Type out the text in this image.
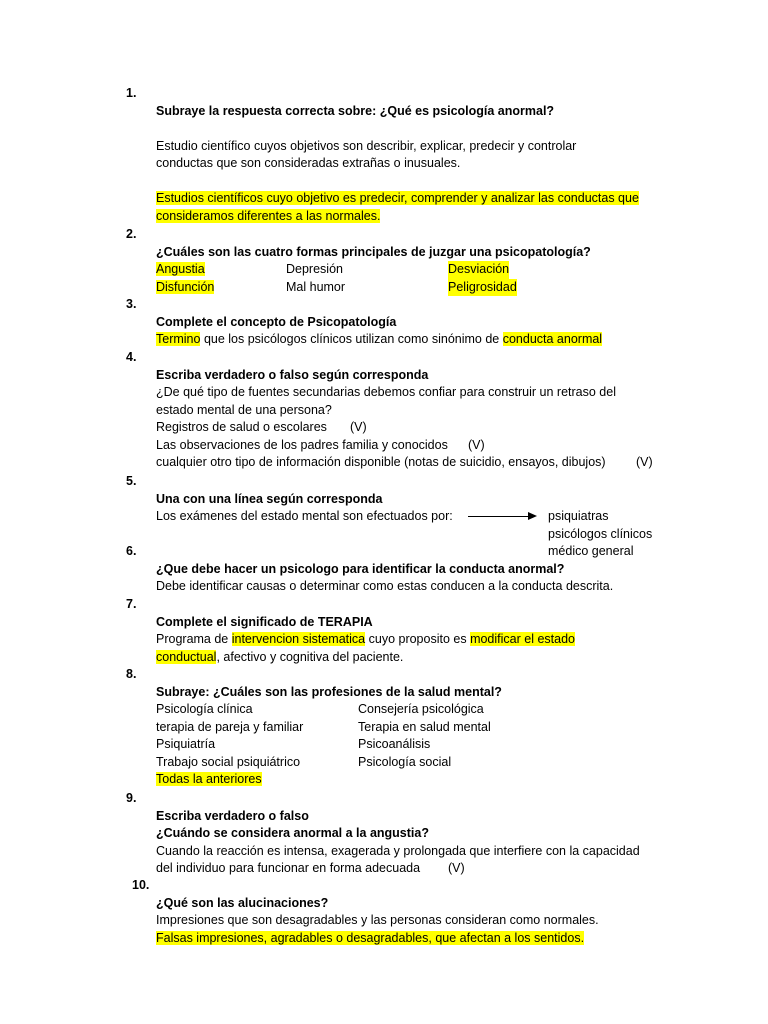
1.
Subraye la respuesta correcta sobre: ¿Qué es psicología anormal?
Estudio científico cuyos objetivos son describir, explicar, predecir y controlar
conductas que son consideradas extrañas o inusuales.
Estudios científicos cuyo objetivo es predecir, comprender y analizar las conductas que
consideramos diferentes a las normales.
2.
¿Cuáles son las cuatro formas principales de juzgar una psicopatología?
Angustia	Depresión	Desviación
Disfunción	Mal humor	Peligrosidad
3.
Complete el concepto de Psicopatología
Termino que los psicólogos clínicos utilizan como sinónimo de conducta anormal
4.
Escriba verdadero o falso según corresponda
¿De qué tipo de fuentes secundarias debemos confiar para construir un retraso del
estado mental de una persona?
Registros de salud o escolares (V)
Las observaciones de los padres familia y conocidos (V)
cualquier otro tipo de información disponible (notas de suicidio, ensayos, dibujos) (V)
5.
Una con una línea según corresponda
Los exámenes del estado mental son efectuados por:	psiquiatras
psicólogos clínicos
médico general
6.
¿Que debe hacer un psicologo para identificar la conducta anormal?
Debe identificar causas o determinar como estas conducen a la conducta descrita.
7.
Complete el significado de TERAPIA
Programa de intervencion sistematica cuyo proposito es modificar el estado
conductual, afectivo y cognitiva del paciente.
8.
Subraye: ¿Cuáles son las profesiones de la salud mental?
Psicología clínica	Consejería psicológica
terapia de pareja y familiar	Terapia en salud mental
Psiquiatría	Psicoanálisis
Trabajo social psiquiátrico	Psicología social
Todas la anteriores
9.
Escriba verdadero o falso
¿Cuándo se considera anormal a la angustia?
Cuando la reacción es intensa, exagerada y prolongada que interfiere con la capacidad
del individuo para funcionar en forma adecuada (V)
10.
¿Qué son las alucinaciones?
Impresiones que son desagradables y las personas consideran como normales.
Falsas impresiones, agradables o desagradables, que afectan a los sentidos.
